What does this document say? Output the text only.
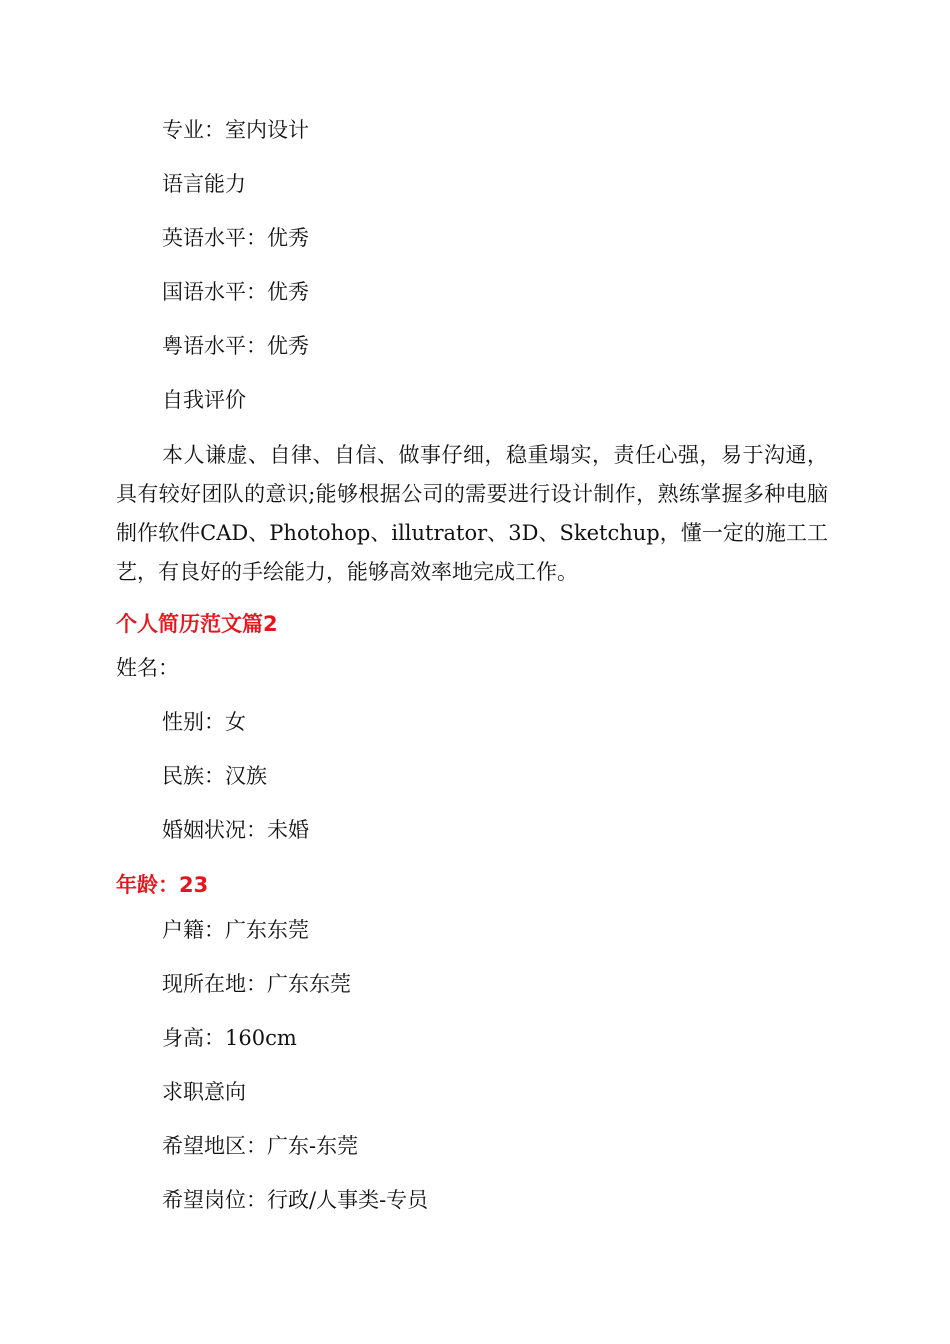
专业：室内设计
语言能力
英语水平：优秀
国语水平：优秀
粤语水平：优秀
自我评价
本人谦虚、自律、自信、做事仔细，稳重塌实，责任心强，易于沟通，具有较好团队的意识;能够根据公司的需要进行设计制作，熟练掌握多种电脑制作软件CAD、Photohop、illutrator、3D、Sketchup，懂一定的施工工艺，有良好的手绘能力，能够高效率地完成工作。
个人简历范文篇2
姓名：
性别：女
民族：汉族
婚姻状况：未婚
年龄：23
户籍：广东东莞
现所在地：广东东莞
身高：160cm
求职意向
希望地区：广东-东莞
希望岗位：行政/人事类-专员
